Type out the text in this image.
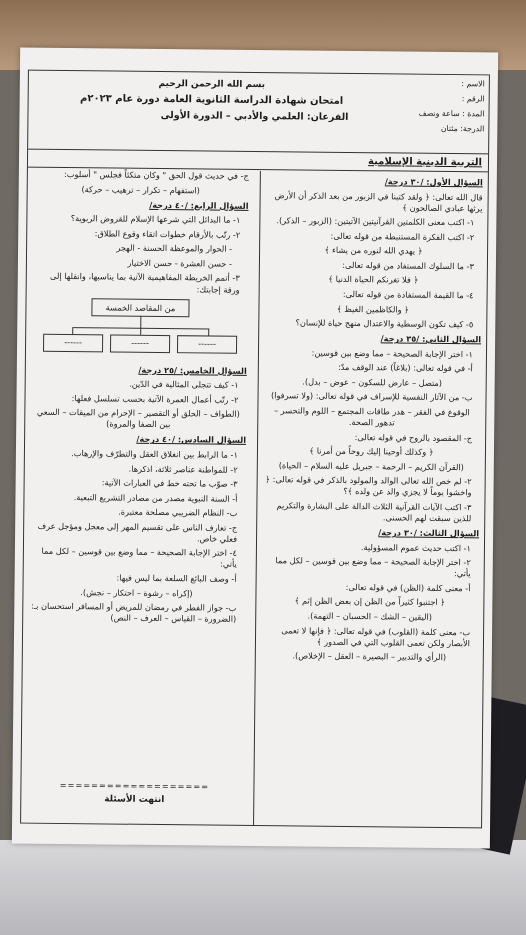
الاسم :
الرقم :
المدة : ساعة ونصف
الدرجة: مئتان
بسم الله الرحمن الرحيم
امتحان شهادة الدراسة الثانوية العامة دورة عام ٢٠٢٣م
الفرعان: العلمي والأدبي – الدورة الأولى
التربية الدينية الإسلامية

السؤال الأول: /٣٠ درجة/

قال الله تعالى: ﴿ ولقد كتبنا في الزبور من بعد الذكر أن الأرض يرثها عبادي الصالحون ﴾

١- اكتب معنى الكلمتين القرآنيتين الآتيتين: (الزبور – الذكر).

٢- اكتب الفكرة المستنبطة من قوله تعالى:

﴿ يهدي الله لنوره من يشاء ﴾

٣- ما السلوك المستفاد من قوله تعالى:

﴿ فلا تغرنكم الحياة الدنيا ﴾

٤- ما القيمة المستفادة من قوله تعالى:

﴿ والكاظمين الغيظ ﴾

٥- كيف تكون الوسطية والاعتدال منهج حياة للإنسان؟

السؤال الثاني: /٣٥ درجة/

١- اختر الإجابة الصحيحة – مما وضع بين قوسين:

أ- في قوله تعالى: (بلاغاً) عند الوقف مدّ:

(متصل – عارض للسكون – عوض – بدل).

ب- من الآثار النفسية للإسراف في قوله تعالى: (ولا تسرفوا)

الوقوع في الفقر – هدر طاقات المجتمع – اللوم والتحسر – تدهور الصحة.

ج- المقصود بالروح في قوله تعالى:

﴿ وكذلك أوحينا إليك روحاً من أمرنا ﴾

(القرآن الكريم – الرحمة – جبريل عليه السلام – الحياة)

٢- لم خص الله تعالى الوالد والمولود بالذكر في قوله تعالى: ﴿ واخشوا يوماً لا يجزي والد عن ولده ﴾؟

٣- اكتب الآيات القرآنية الثلاث الدالة على البشارة والتكريم للذين سبقت لهم الحسنى.

السؤال الثالث: /٣٠ درجة/

١- اكتب حديث عموم المسؤولية.

٢- اختر الإجابة الصحيحة – مما وضع بين قوسين – لكل مما يأتي:

أ- معنى كلمة (الظن) في قوله تعالى:

﴿ اجتنبوا كثيراً من الظن إن بعض الظن إثم ﴾

(اليقين – الشك – الحسبان – التهمة).

ب- معنى كلمة (القلوب) في قوله تعالى: ﴿ فإنها لا تعمى الأبصار ولكن تعمى القلوب التي في الصدور ﴾

(الرأي والتدبير – البصيرة – العقل – الإخلاص).

ج- في حديث قول الحق " وكان متكئاً فجلس " أسلوب:

(استفهام – تكرار – ترهيب – حركة)

السؤال الرابع: /٤٠ درجة/

١- ما البدائل التي شرعها الإسلام للقروض الربوية؟

٢- رتّب بالأرقام خطوات اتقاء وقوع الطلاق:

- الحوار والموعظة الحسنة - الهجر

- حسن العشرة - حسن الاختيار

٣- أتمم الخريطة المفاهيمية الآتية بما يناسبها، وانقلها إلى ورقة إجابتك:

من المقاصد الخمسة
------
------
------

السؤال الخامس: /٢٥ درجة/

١- كيف تتجلى المثالية في الدّين.

٢- رتّب أعمال العمرة الآتية بحسب تسلسل فعلها:

(الطواف – الحلق أو التقصير – الإحرام من الميقات – السعي بين الصفا والمروة)

السؤال السادس: /٤٠ درجة/

١- ما الرابط بين انغلاق العقل والتطرّف والإرهاب.

٢- للمواطنة عناصر ثلاثة، اذكرها.

٣- صوّب ما تحته خط في العبارات الآتية:

أ- السنة النبوية مصدر من مصادر التشريع التبعية.

ب- النظام الضريبي مصلحة معتبرة.

ج- تعارف الناس على تقسيم المهر إلى معجل ومؤجل عرف فعلي خاص.

٤- اختر الإجابة الصحيحة – مما وضع بين قوسين – لكل مما يأتي:

أ- وصف البائع السلعة بما ليس فيها:

(إكراه – رشوة – احتكار – نجش).

ب- جواز الفطر في رمضان للمريض أو المسافر استحسان بـ: (الضرورة – القياس – العرف – النص)

===================
انتهت الأسئلة
